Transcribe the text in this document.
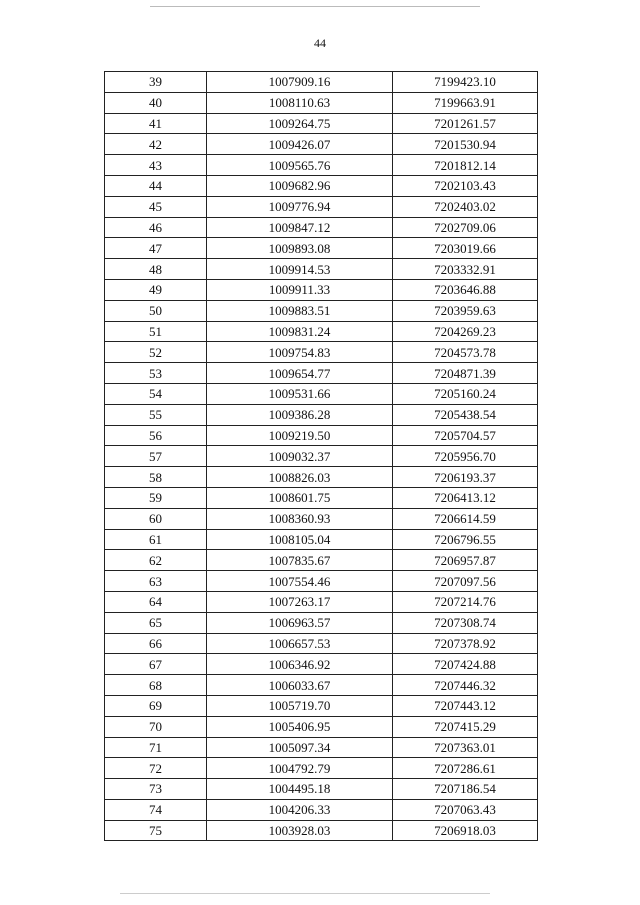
44
39	1007909.16	7199423.10
40	1008110.63	7199663.91
41	1009264.75	7201261.57
42	1009426.07	7201530.94
43	1009565.76	7201812.14
44	1009682.96	7202103.43
45	1009776.94	7202403.02
46	1009847.12	7202709.06
47	1009893.08	7203019.66
48	1009914.53	7203332.91
49	1009911.33	7203646.88
50	1009883.51	7203959.63
51	1009831.24	7204269.23
52	1009754.83	7204573.78
53	1009654.77	7204871.39
54	1009531.66	7205160.24
55	1009386.28	7205438.54
56	1009219.50	7205704.57
57	1009032.37	7205956.70
58	1008826.03	7206193.37
59	1008601.75	7206413.12
60	1008360.93	7206614.59
61	1008105.04	7206796.55
62	1007835.67	7206957.87
63	1007554.46	7207097.56
64	1007263.17	7207214.76
65	1006963.57	7207308.74
66	1006657.53	7207378.92
67	1006346.92	7207424.88
68	1006033.67	7207446.32
69	1005719.70	7207443.12
70	1005406.95	7207415.29
71	1005097.34	7207363.01
72	1004792.79	7207286.61
73	1004495.18	7207186.54
74	1004206.33	7207063.43
75	1003928.03	7206918.03
